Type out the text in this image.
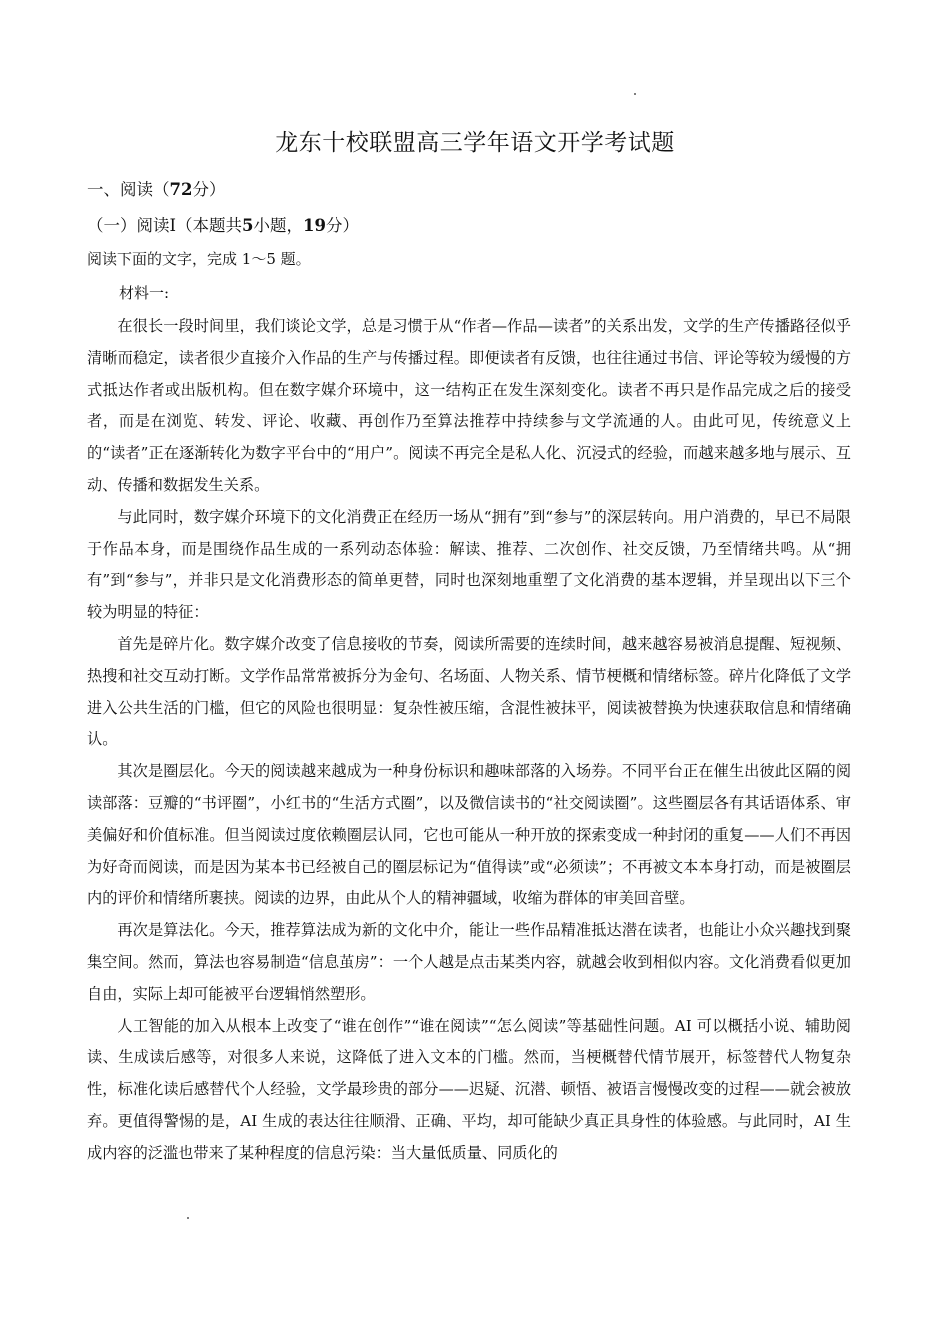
龙东十校联盟高三学年语文开学考试题
一、阅读（72分）
（一）阅读Ⅰ（本题共5小题，19分）
阅读下面的文字，完成 1～5 题。
材料一:

在很长一段时间里，我们谈论文学，总是习惯于从“作者—作品—读者”的关系出发，文学的生产传播路径似乎清晰而稳定，读者很少直接介入作品的生产与传播过程。即便读者有反馈，也往往通过书信、评论等较为缓慢的方式抵达作者或出版机构。但在数字媒介环境中，这一结构正在发生深刻变化。读者不再只是作品完成之后的接受者，而是在浏览、转发、评论、收藏、再创作乃至算法推荐中持续参与文学流通的人。由此可见，传统意义上的“读者”正在逐渐转化为数字平台中的“用户”。阅读不再完全是私人化、沉浸式的经验，而越来越多地与展示、互动、传播和数据发生关系。

与此同时，数字媒介环境下的文化消费正在经历一场从“拥有”到“参与”的深层转向。用户消费的，早已不局限于作品本身，而是围绕作品生成的一系列动态体验：解读、推荐、二次创作、社交反馈，乃至情绪共鸣。从“拥有”到“参与”，并非只是文化消费形态的简单更替，同时也深刻地重塑了文化消费的基本逻辑，并呈现出以下三个较为明显的特征：

首先是碎片化。数字媒介改变了信息接收的节奏，阅读所需要的连续时间，越来越容易被消息提醒、短视频、热搜和社交互动打断。文学作品常常被拆分为金句、名场面、人物关系、情节梗概和情绪标签。碎片化降低了文学进入公共生活的门槛，但它的风险也很明显：复杂性被压缩，含混性被抹平，阅读被替换为快速获取信息和情绪确认。

其次是圈层化。今天的阅读越来越成为一种身份标识和趣味部落的入场券。不同平台正在催生出彼此区隔的阅读部落：豆瓣的“书评圈”，小红书的“生活方式圈”，以及微信读书的“社交阅读圈”。这些圈层各有其话语体系、审美偏好和价值标准。但当阅读过度依赖圈层认同，它也可能从一种开放的探索变成一种封闭的重复——人们不再因为好奇而阅读，而是因为某本书已经被自己的圈层标记为“值得读”或“必须读”；不再被文本本身打动，而是被圈层内的评价和情绪所裹挟。阅读的边界，由此从个人的精神疆域，收缩为群体的审美回音壁。

再次是算法化。今天，推荐算法成为新的文化中介，能让一些作品精准抵达潜在读者，也能让小众兴趣找到聚集空间。然而，算法也容易制造“信息茧房”：一个人越是点击某类内容，就越会收到相似内容。文化消费看似更加自由，实际上却可能被平台逻辑悄然塑形。

人工智能的加入从根本上改变了“谁在创作”“谁在阅读”“怎么阅读”等基础性问题。AI 可以概括小说、辅助阅读、生成读后感等，对很多人来说，这降低了进入文本的门槛。然而，当梗概替代情节展开，标签替代人物复杂性，标准化读后感替代个人经验，文学最珍贵的部分——迟疑、沉潜、顿悟、被语言慢慢改变的过程——就会被放弃。更值得警惕的是，AI 生成的表达往往顺滑、正确、平均，却可能缺少真正具身性的体验感。与此同时，AI 生成内容的泛滥也带来了某种程度的信息污染：当大量低质量、同质化的
